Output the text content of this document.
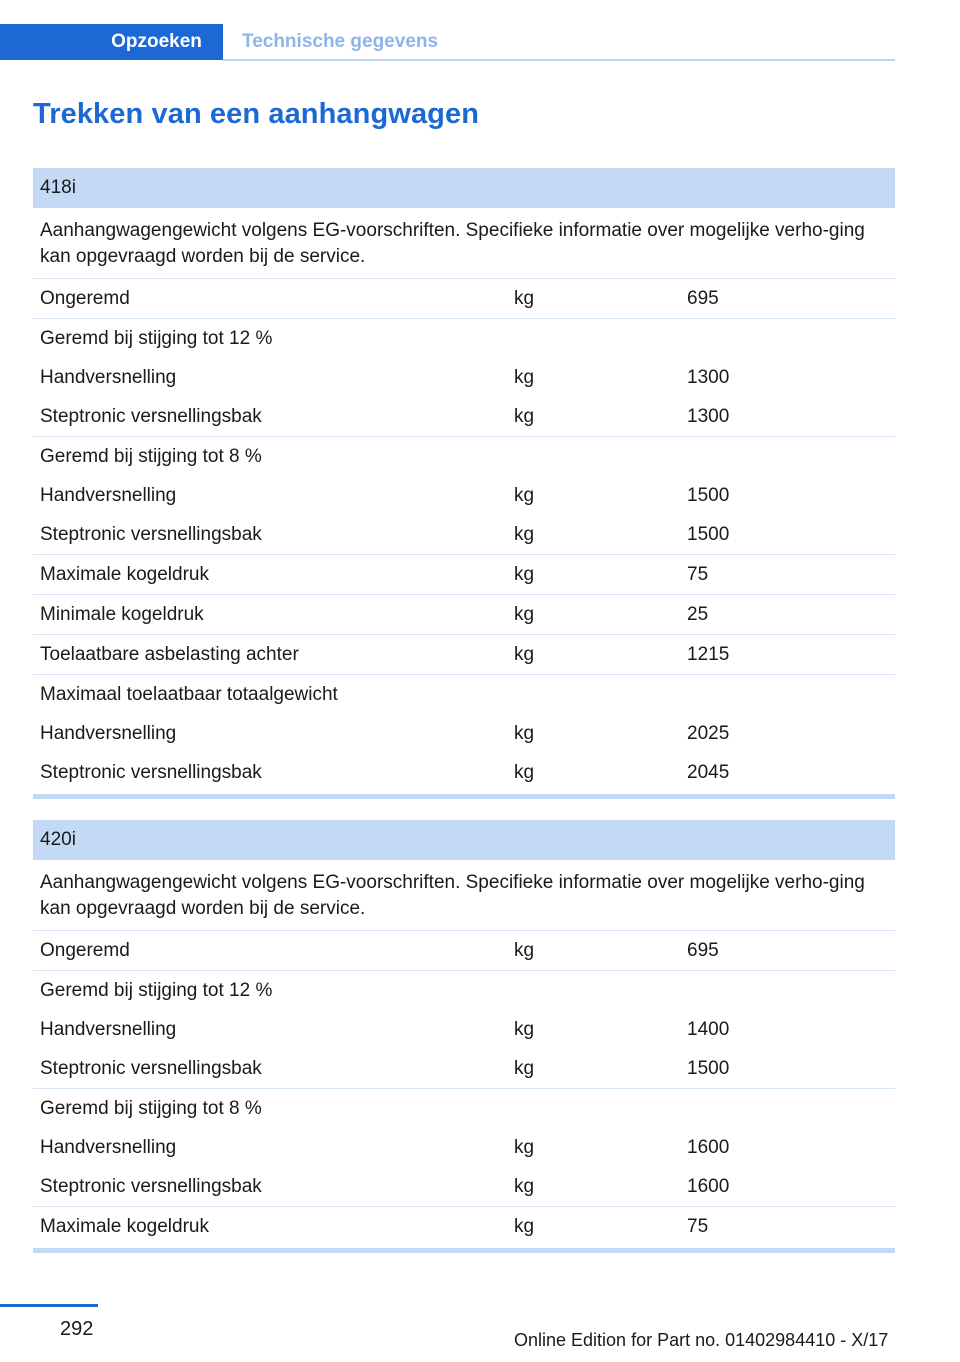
Opzoeken	Technische gegevens
Trekken van een aanhangwagen
418i
Aanhangwagengewicht volgens EG-voorschriften. Specifieke informatie over mogelijke verho-ging kan opgevraagd worden bij de service.
Ongeremd	kg	695
Geremd bij stijging tot 12 %
Handversnelling	kg	1300
Steptronic versnellingsbak	kg	1300
Geremd bij stijging tot 8 %
Handversnelling	kg	1500
Steptronic versnellingsbak	kg	1500
Maximale kogeldruk	kg	75
Minimale kogeldruk	kg	25
Toelaatbare asbelasting achter	kg	1215
Maximaal toelaatbaar totaalgewicht
Handversnelling	kg	2025
Steptronic versnellingsbak	kg	2045
420i
Aanhangwagengewicht volgens EG-voorschriften. Specifieke informatie over mogelijke verho-ging kan opgevraagd worden bij de service.
Ongeremd	kg	695
Geremd bij stijging tot 12 %
Handversnelling	kg	1400
Steptronic versnellingsbak	kg	1500
Geremd bij stijging tot 8 %
Handversnelling	kg	1600
Steptronic versnellingsbak	kg	1600
Maximale kogeldruk	kg	75
292	Online Edition for Part no. 01402984410 - X/17
